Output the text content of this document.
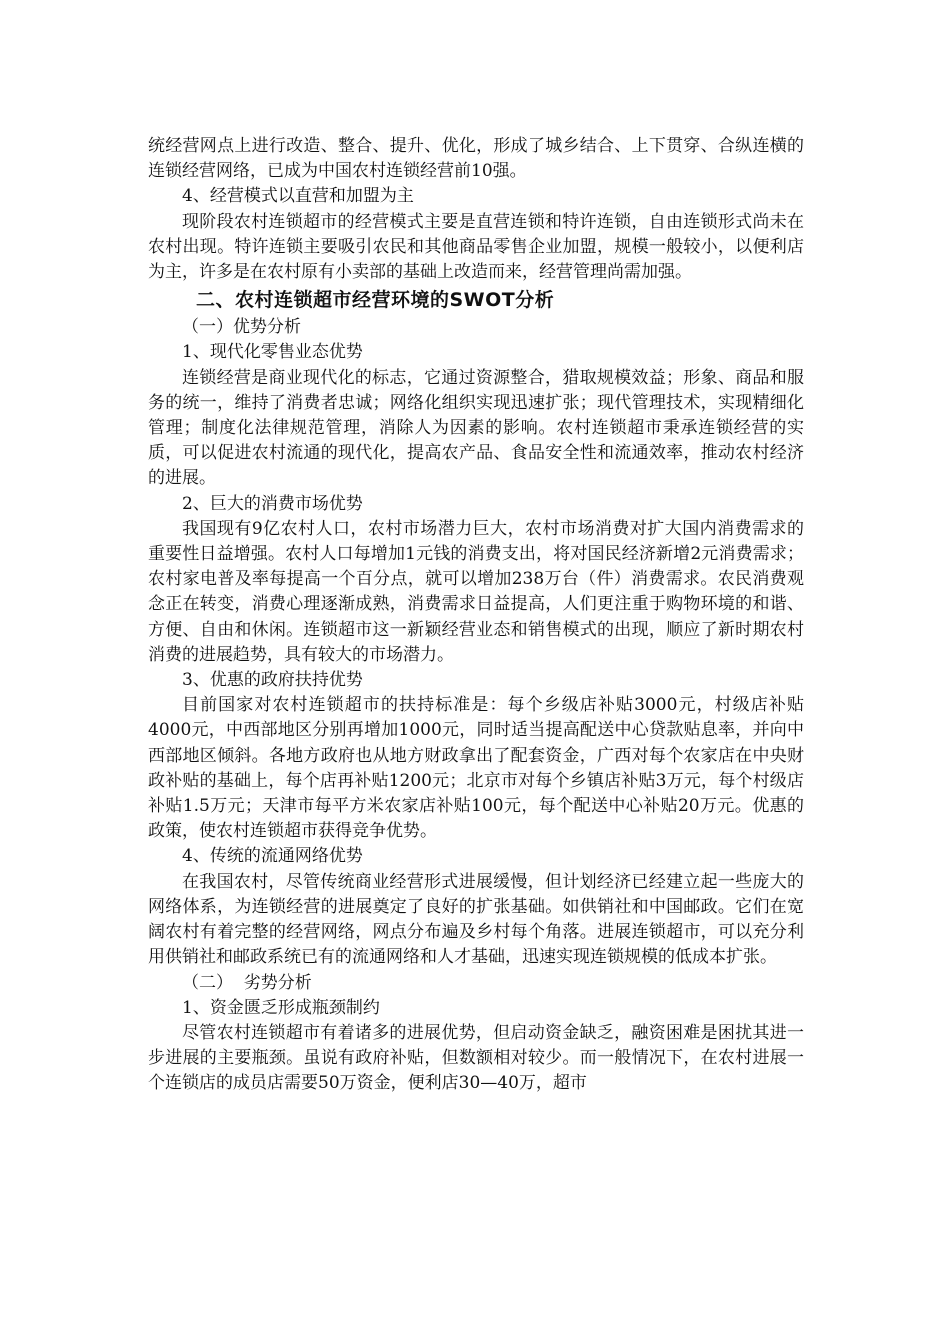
统经营网点上进行改造、整合、提升、优化，形成了城乡结合、上下贯穿、合纵连横的连锁经营网络，已成为中国农村连锁经营前10强。

4、经营模式以直营和加盟为主

现阶段农村连锁超市的经营模式主要是直营连锁和特许连锁，自由连锁形式尚未在农村出现。特许连锁主要吸引农民和其他商品零售企业加盟，规模一般较小，以便利店为主，许多是在农村原有小卖部的基础上改造而来，经营管理尚需加强。

二、农村连锁超市经营环境的SWOT分析

（一）优势分析

1、现代化零售业态优势

连锁经营是商业现代化的标志，它通过资源整合，猎取规模效益；形象、商品和服务的统一，维持了消费者忠诚；网络化组织实现迅速扩张；现代管理技术，实现精细化管理；制度化法律规范管理，消除人为因素的影响。农村连锁超市秉承连锁经营的实质，可以促进农村流通的现代化，提高农产品、食品安全性和流通效率，推动农村经济的进展。

2、巨大的消费市场优势

我国现有9亿农村人口，农村市场潜力巨大，农村市场消费对扩大国内消费需求的重要性日益增强。农村人口每增加1元钱的消费支出，将对国民经济新增2元消费需求；农村家电普及率每提高一个百分点，就可以增加238万台（件）消费需求。农民消费观念正在转变，消费心理逐渐成熟，消费需求日益提高，人们更注重于购物环境的和谐、方便、自由和休闲。连锁超市这一新颖经营业态和销售模式的出现，顺应了新时期农村消费的进展趋势，具有较大的市场潜力。

3、优惠的政府扶持优势

目前国家对农村连锁超市的扶持标准是：每个乡级店补贴3000元，村级店补贴4000元，中西部地区分别再增加1000元，同时适当提高配送中心贷款贴息率，并向中西部地区倾斜。各地方政府也从地方财政拿出了配套资金，广西对每个农家店在中央财政补贴的基础上，每个店再补贴1200元；北京市对每个乡镇店补贴3万元，每个村级店补贴1.5万元；天津市每平方米农家店补贴100元，每个配送中心补贴20万元。优惠的政策，使农村连锁超市获得竞争优势。

4、传统的流通网络优势

在我国农村，尽管传统商业经营形式进展缓慢，但计划经济已经建立起一些庞大的网络体系，为连锁经营的进展奠定了良好的扩张基础。如供销社和中国邮政。它们在宽阔农村有着完整的经营网络，网点分布遍及乡村每个角落。进展连锁超市，可以充分利用供销社和邮政系统已有的流通网络和人才基础，迅速实现连锁规模的低成本扩张。

（二）  劣势分析

1、资金匮乏形成瓶颈制约

尽管农村连锁超市有着诸多的进展优势，但启动资金缺乏，融资困难是困扰其进一步进展的主要瓶颈。虽说有政府补贴，但数额相对较少。而一般情况下，在农村进展一个连锁店的成员店需要50万资金，便利店30—40万，超市
